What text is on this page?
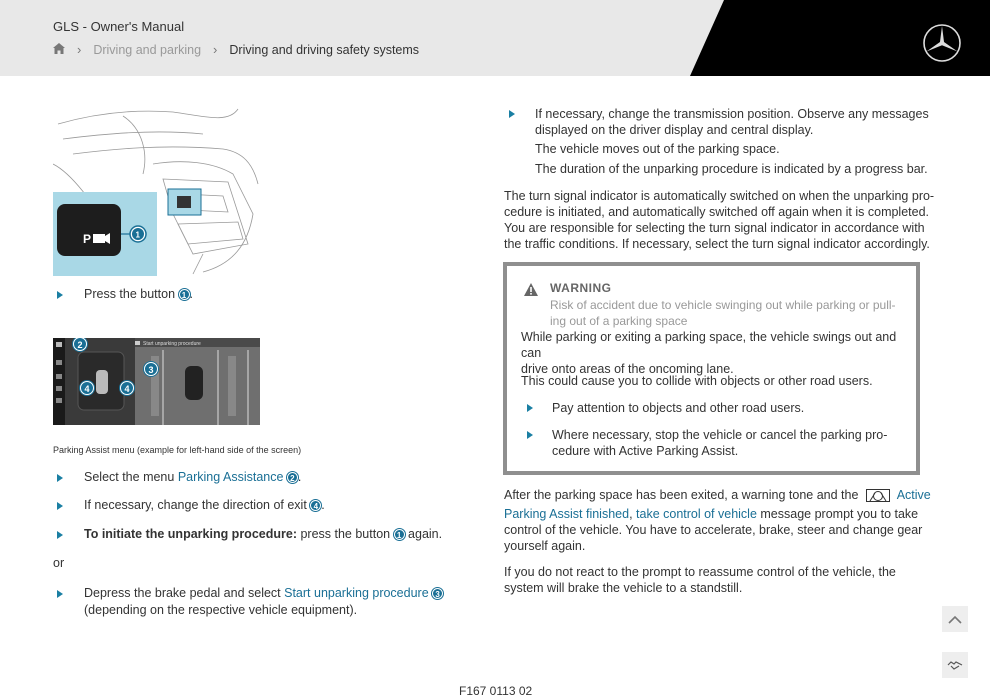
GLS - Owner's Manual
› Driving and parking › Driving and driving safety systems
P	1
Press the button 1 .
Start unparking procedure
2
3
4	4
Parking Assist menu (example for left-hand side of the screen)
Select the menu Parking Assistance 2 .
If necessary, change the direction of exit 4 .
To initiate the unparking procedure: press the button 1 again.
or
Depress the brake pedal and select Start unparking procedure 3
(depending on the respective vehicle equipment).
If necessary, change the transmission position. Observe any messages
displayed on the driver display and central display.
The vehicle moves out of the parking space.
The duration of the unparking procedure is indicated by a progress bar.
The turn signal indicator is automatically switched on when the unparking pro-
cedure is initiated, and automatically switched off again when it is completed.
You are responsible for selecting the turn signal indicator in accordance with
the traffic conditions. If necessary, select the turn signal indicator accordingly.
WARNING
Risk of accident due to vehicle swinging out while parking or pull-
ing out of a parking space
While parking or exiting a parking space, the vehicle swings out and can
drive onto areas of the oncoming lane.
This could cause you to collide with objects or other road users.
Pay attention to objects and other road users.
Where necessary, stop the vehicle or cancel the parking pro-
cedure with Active Parking Assist.
After the parking space has been exited, a warning tone and the	Active
Parking Assist finished, take control of vehicle message prompt you to take
control of the vehicle. You have to accelerate, brake, steer and change gear
yourself again.
If you do not react to the prompt to reassume control of the vehicle, the
system will brake the vehicle to a standstill.
F167 0113 02
